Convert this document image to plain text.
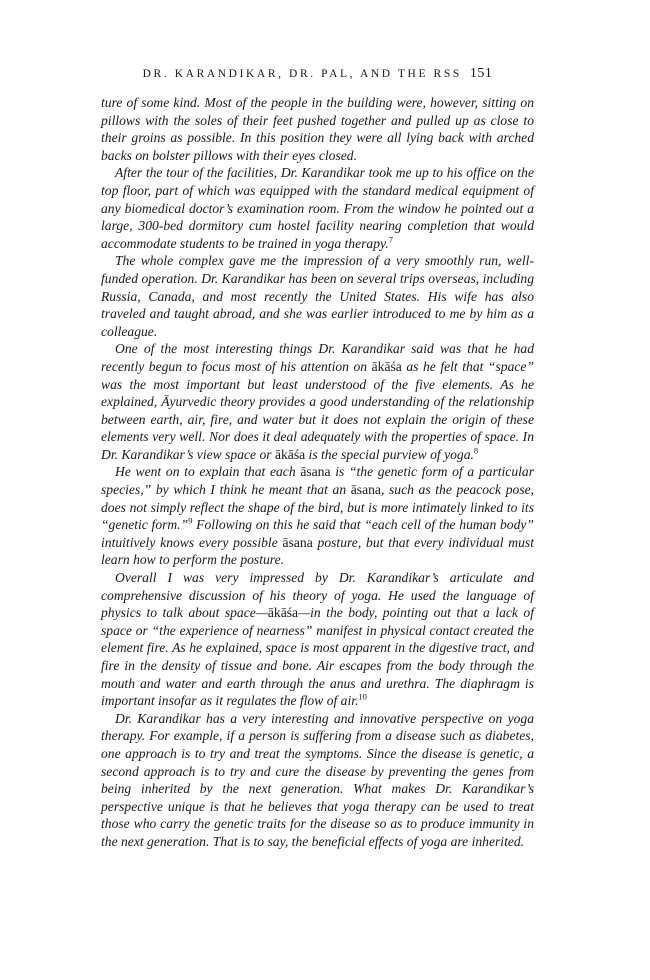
DR. KARANDIKAR, DR. PAL, AND THE RSS 151

ture of some kind. Most of the people in the building were, however, sitting on pillows with the soles of their feet pushed together and pulled up as close to their groins as possible. In this position they were all lying back with arched backs on bolster pillows with their eyes closed.

After the tour of the facilities, Dr. Karandikar took me up to his office on the top floor, part of which was equipped with the standard medical equipment of any biomedical doctor’s examination room. From the window he pointed out a large, 300-bed dormitory cum hostel facility nearing completion that would accommodate students to be trained in yoga therapy.$^7$

The whole complex gave me the impression of a very smoothly run, well-funded operation. Dr. Karandikar has been on several trips overseas, including Russia, Canada, and most recently the United States. His wife has also traveled and taught abroad, and she was earlier introduced to me by him as a colleague.

One of the most interesting things Dr. Karandikar said was that he had recently begun to focus most of his attention on ākāśa as he felt that “space” was the most important but least understood of the five elements. As he explained, Āyurvedic theory provides a good understanding of the relationship between earth, air, fire, and water but it does not explain the origin of these elements very well. Nor does it deal adequately with the properties of space. In Dr. Karandikar’s view space or ākāśa is the special purview of yoga.$^8$

He went on to explain that each āsana is “the genetic form of a particular species,” by which I think he meant that an āsana, such as the peacock pose, does not simply reflect the shape of the bird, but is more intimately linked to its “genetic form.”$^9$ Following on this he said that “each cell of the human body” intuitively knows every possible āsana posture, but that every individual must learn how to perform the posture.

Overall I was very impressed by Dr. Karandikar’s articulate and comprehensive discussion of his theory of yoga. He used the language of physics to talk about space—ākāśa—in the body, pointing out that a lack of space or “the experience of nearness” manifest in physical contact created the element fire. As he explained, space is most apparent in the digestive tract, and fire in the density of tissue and bone. Air escapes from the body through the mouth and water and earth through the anus and urethra. The diaphragm is important insofar as it regulates the flow of air.$^{10}$

Dr. Karandikar has a very interesting and innovative perspective on yoga therapy. For example, if a person is suffering from a disease such as diabetes, one approach is to try and treat the symptoms. Since the disease is genetic, a second approach is to try and cure the disease by preventing the genes from being inherited by the next generation. What makes Dr. Karandikar’s perspective unique is that he believes that yoga therapy can be used to treat those who carry the genetic traits for the disease so as to produce immunity in the next generation. That is to say, the beneficial effects of yoga are inherited.
